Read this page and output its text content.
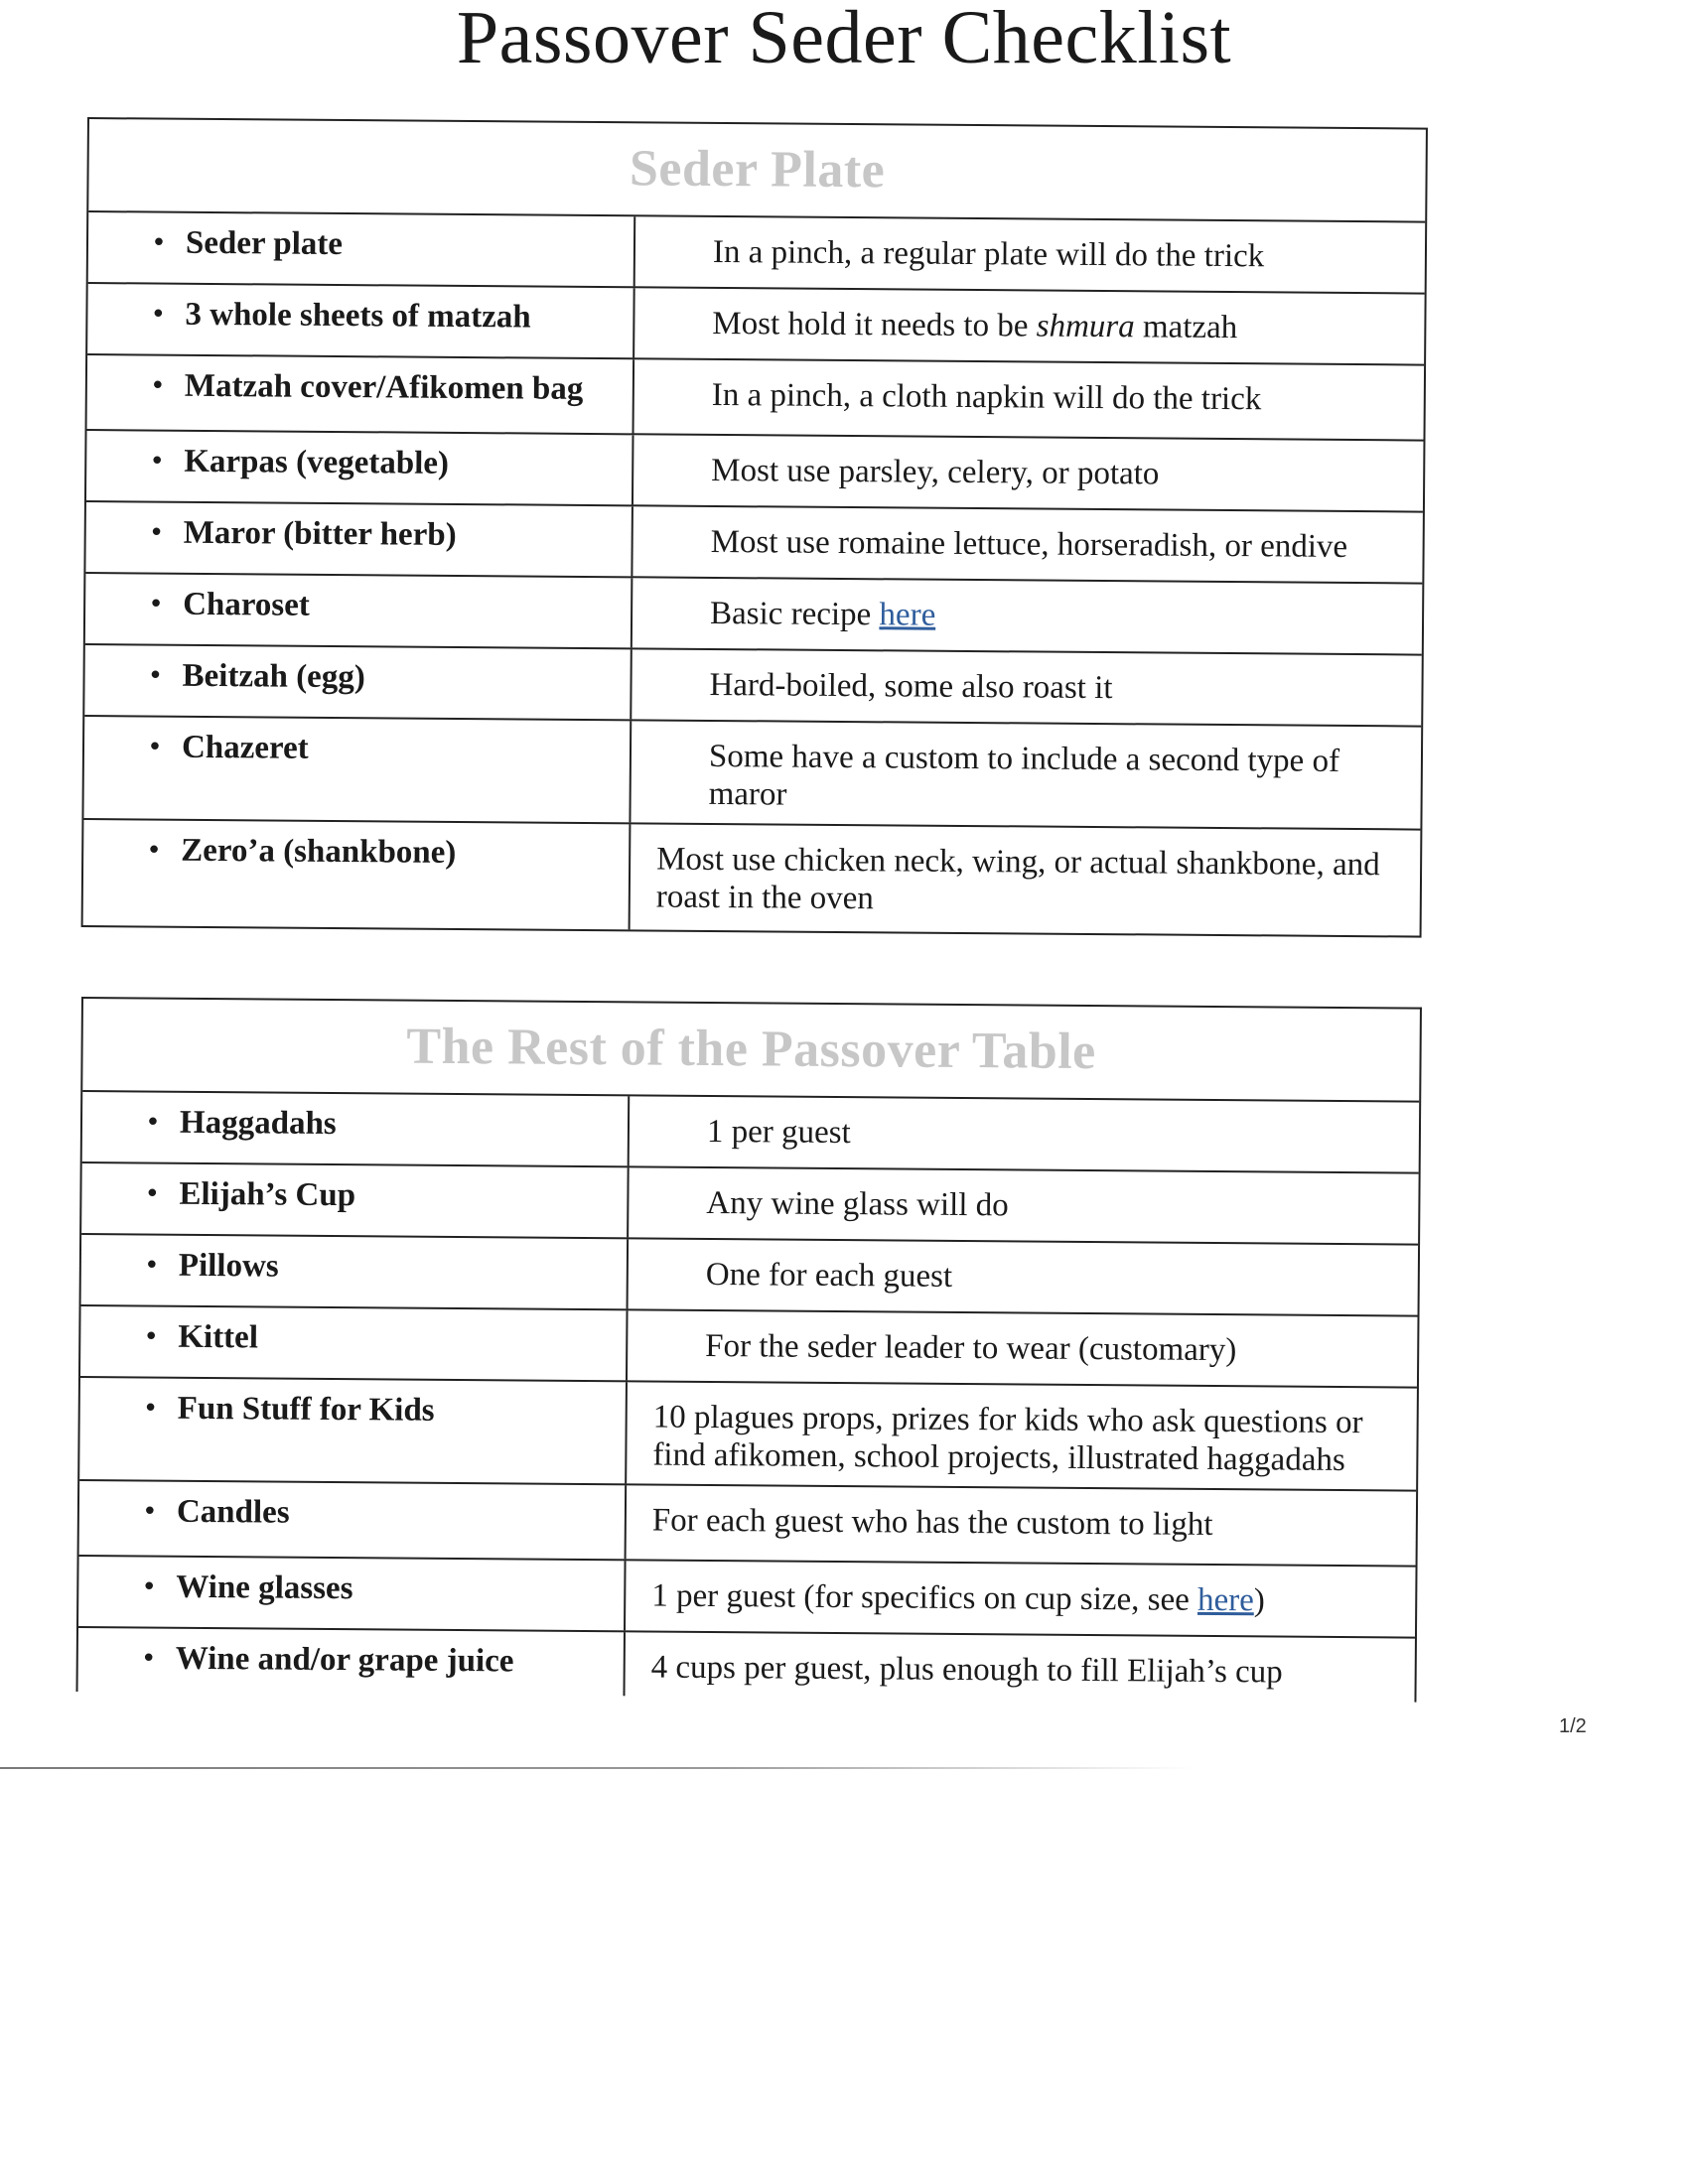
Passover Seder Checklist
Seder Plate
• Seder plate	In a pinch, a regular plate will do the trick
• 3 whole sheets of matzah	Most hold it needs to be shmura matzah
• Matzah cover/Afikomen bag	In a pinch, a cloth napkin will do the trick
• Karpas (vegetable)	Most use parsley, celery, or potato
• Maror (bitter herb)	Most use romaine lettuce, horseradish, or endive
• Charoset	Basic recipe here
• Beitzah (egg)	Hard-boiled, some also roast it
• Chazeret	Some have a custom to include a second type of maror
• Zero’a (shankbone)	Most use chicken neck, wing, or actual shankbone, and roast in the oven
The Rest of the Passover Table
• Haggadahs	1 per guest
• Elijah’s Cup	Any wine glass will do
• Pillows	One for each guest
• Kittel	For the seder leader to wear (customary)
• Fun Stuff for Kids	10 plagues props, prizes for kids who ask questions or find afikomen, school projects, illustrated haggadahs
• Candles	For each guest who has the custom to light
• Wine glasses	1 per guest (for specifics on cup size, see here)
• Wine and/or grape juice	4 cups per guest, plus enough to fill Elijah’s cup
1/2
